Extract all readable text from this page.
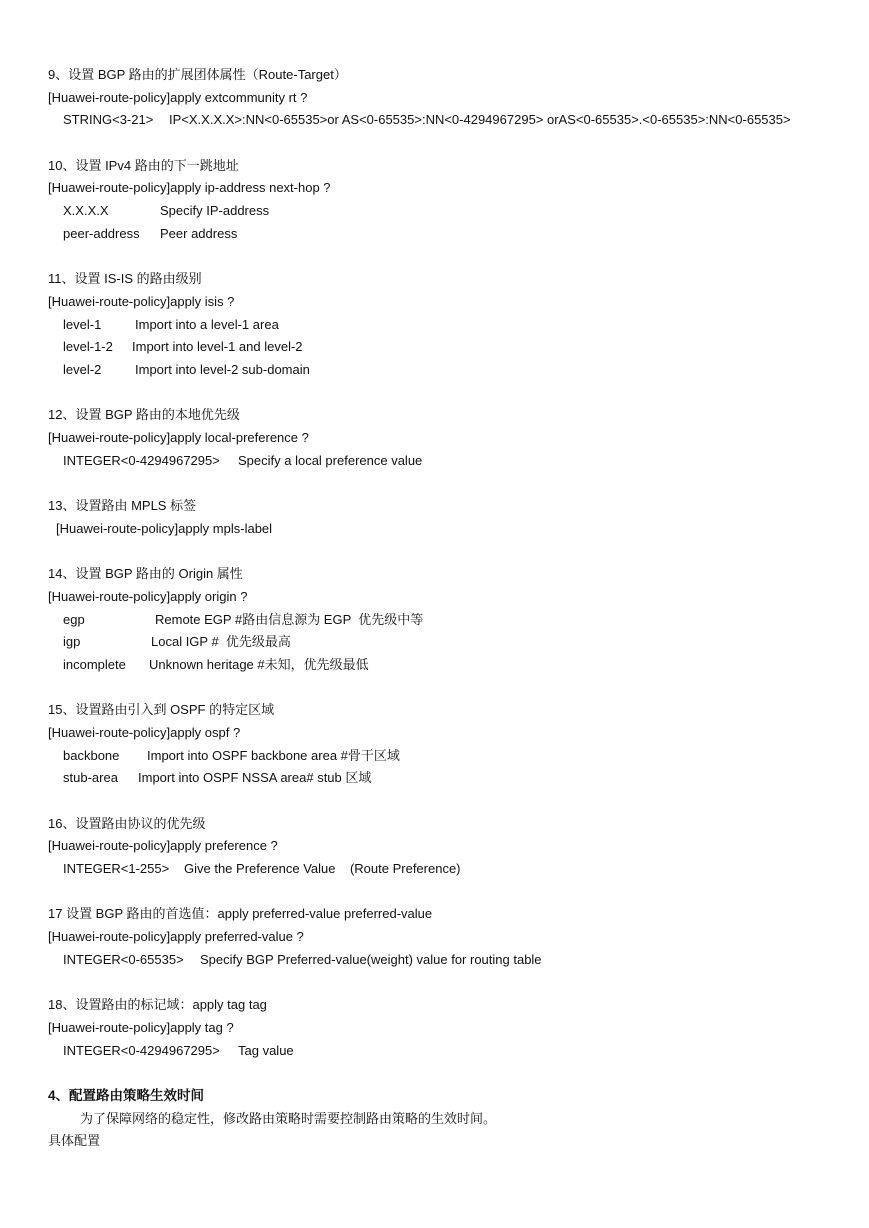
9、设置 BGP 路由的扩展团体属性（Route-Target）
[Huawei-route-policy]apply extcommunity rt ?
STRING<3-21> IP<X.X.X.X>:NN<0-65535>or AS<0-65535>:NN<0-4294967295> orAS<0-65535>.<0-65535>:NN<0-65535>
10、设置 IPv4 路由的下一跳地址
[Huawei-route-policy]apply ip-address next-hop ?
X.X.X.X	Specify IP-address
peer-address Peer address
11、设置 IS-IS 的路由级别
[Huawei-route-policy]apply isis ?
level-1	Import into a level-1 area
level-1-2 Import into level-1 and level-2
level-2	Import into level-2 sub-domain
12、设置 BGP 路由的本地优先级
[Huawei-route-policy]apply local-preference ?
INTEGER<0-4294967295> Specify a local preference value
13、设置路由 MPLS 标签
[Huawei-route-policy]apply mpls-label
14、设置 BGP 路由的 Origin 属性
[Huawei-route-policy]apply origin ?
egp	Remote EGP #路由信息源为 EGP  优先级中等
igp	Local IGP #  优先级最高
incomplete Unknown heritage #未知，优先级最低
15、设置路由引入到 OSPF 的特定区域
[Huawei-route-policy]apply ospf ?
backbone Import into OSPF backbone area #骨干区域
stub-area Import into OSPF NSSA area# stub 区域
16、设置路由协议的优先级
[Huawei-route-policy]apply preference ?
INTEGER<1-255> Give the Preference Value    (Route Preference)
17 设置 BGP 路由的首选值：apply preferred-value preferred-value
[Huawei-route-policy]apply preferred-value ?
INTEGER<0-65535> Specify BGP Preferred-value(weight) value for routing table
18、设置路由的标记域：apply tag tag
[Huawei-route-policy]apply tag ?
INTEGER<0-4294967295> Tag value
4、配置路由策略生效时间
为了保障网络的稳定性，修改路由策略时需要控制路由策略的生效时间。
具体配置
